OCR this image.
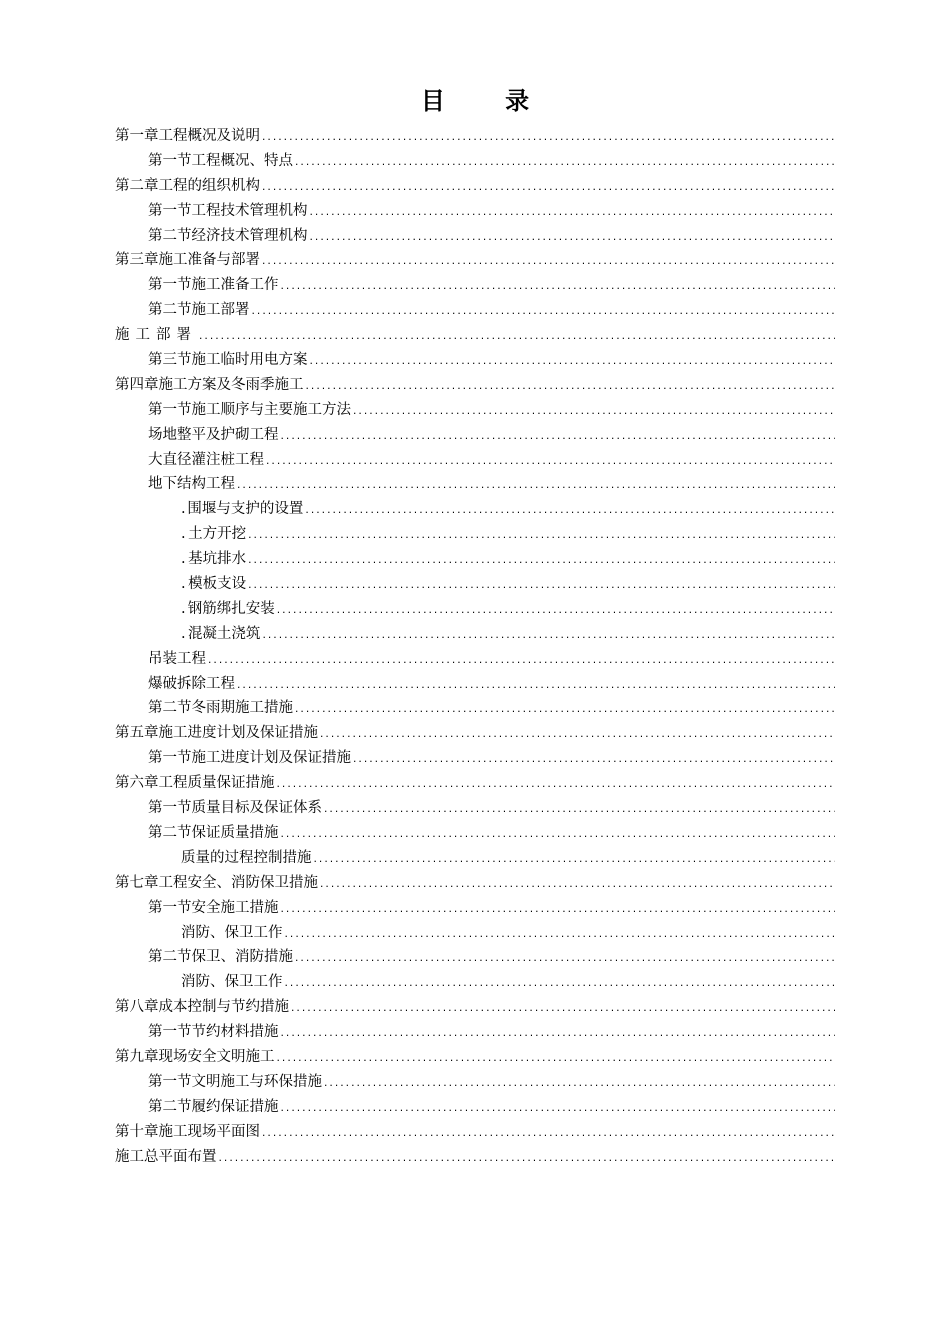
目 录
第一章 工程概况及说明
.....
第一节 工程概况、特点
.....
第二章 工程的组织机构
.....
第一节 工程技术管理机构
.....
第二节 经济技术管理机构
.....
第三章 施工准备与部署
.....
第一节 施工准备工作
.....
第二节 施工部署
.....
施工部署
.....
第三节 施工临时用电方案
.....
第四章 施工方案及冬雨季施工
.....
第一节 施工顺序与主要施工方法
.....
场地整平及护砌工程
.....
大直径灌注桩工程
.....
地下结构工程
.....
. 围堰与支护的设置
.....
. 土方开挖
.....
. 基坑排水
.....
. 模板支设
.....
. 钢筋绑扎安装
.....
. 混凝土浇筑
.....
吊装工程
.....
爆破拆除工程
.....
第二节 冬雨期施工措施
.....
第五章 施工进度计划及保证措施
.....
第一节 施工进度计划及保证措施
.....
第六章 工程质量保证措施
.....
第一节 质量目标及保证体系
.....
第二节 保证质量措施
.....
质量的过程控制措施
.....
第七章 工程安全、消防保卫措施
.....
第一节 安全施工措施
.....
消防、保卫工作
.....
第二节 保卫、消防措施
.....
消防、保卫工作
.....
第八章 成本控制与节约措施
.....
第一节 节约材料措施
.....
第九章 现场安全文明施工
.....
第一节 文明施工与环保措施
.....
第二节 履约保证措施
.....
第十章 施工现场平面图
.....
施工总平面布置
.....
